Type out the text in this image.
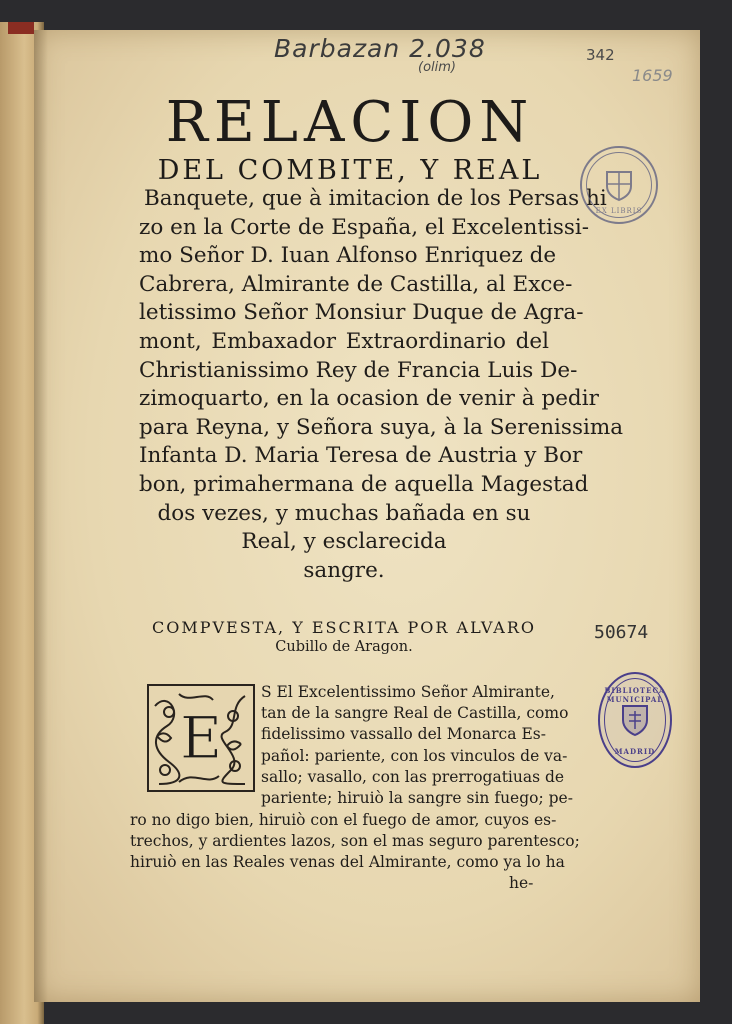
Barbazan 2.038
(olim)
342
1659
RELACION
DEL COMBITE, Y REAL
Banquete, que à imitacion de los Persas hi
zo en la Corte de España, el Excelentissi-
mo Señor D. Iuan Alfonso Enriquez de
Cabrera, Almirante de Castilla, al Exce-
letissimo Señor Monsiur Duque de Agra-
mont, Embaxador Extraordinario del
Christianissimo Rey de Francia Luis De-
zimoquarto, en la ocasion de venir à pedir
para Reyna, y Señora suya, à la Serenissima
Infanta D. Maria Teresa de Austria y Bor
bon, primahermana de aquella Magestad
dos vezes, y muchas bañada en su
Real, y esclarecida
sangre.
COMPVESTA, Y ESCRITA POR ALVARO
Cubillo de Aragon.
E
S El Excelentissimo Señor Almirante,
tan de la sangre Real de Castilla, como
fidelissimo vassallo del Monarca Es-
pañol: pariente, con los vinculos de va-
sallo; vasallo, con las prerrogatiuas de
pariente; hiruiò la sangre sin fuego; pe-
ro no digo bien, hiruiò con el fuego de amor, cuyos es-
trechos, y ardientes lazos, son el mas seguro parentesco;
hiruiò en las Reales venas del Almirante, como ya lo ha
he-
EX LIBRIS
50674
BIBLIOTECA MUNICIPAL
MADRID
